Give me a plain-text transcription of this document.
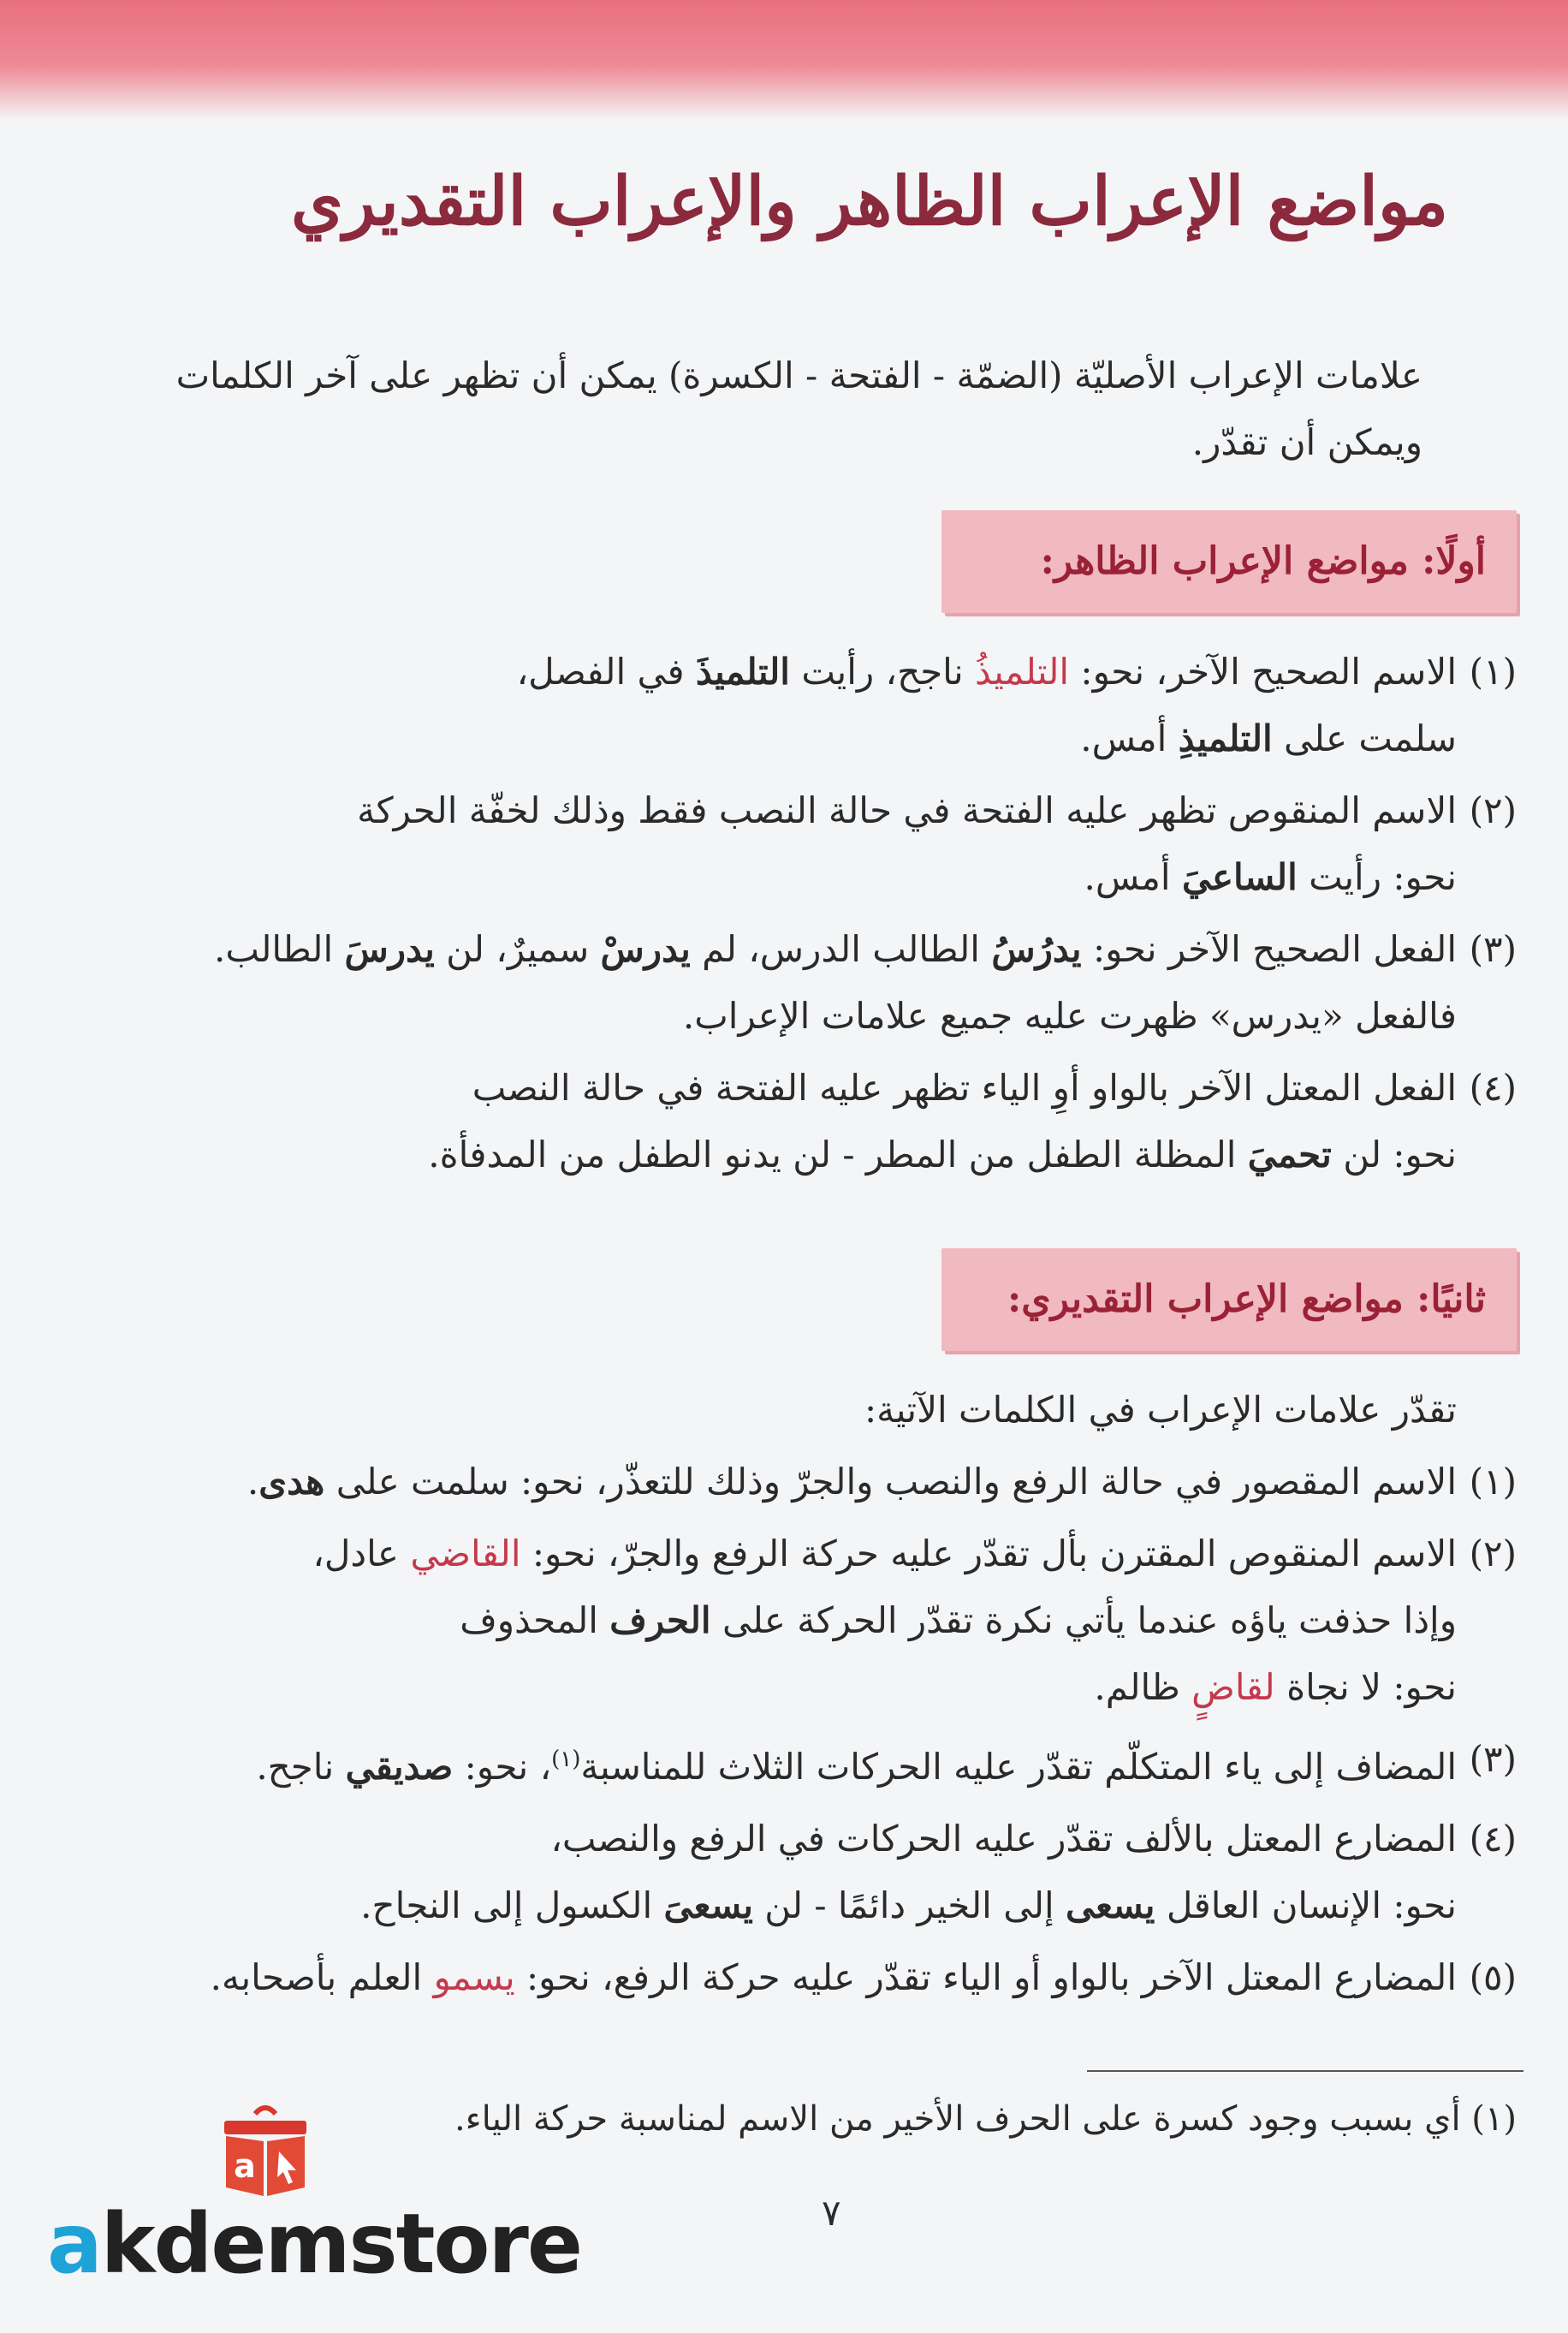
مواضع الإعراب الظاهر والإعراب التقديري

علامات الإعراب الأصليّة (الضمّة - الفتحة - الكسرة) يمكن أن تظهر على آخر الكلمات

ويمكن أن تقدّر.

أولًا: مواضع الإعراب الظاهر:
(١)
الاسم الصحيح الآخر، نحو: التلميذُ ناجح، رأيت التلميذَ في الفصل،
سلمت على التلميذِ أمس.
(٢)
الاسم المنقوص تظهر عليه الفتحة في حالة النصب فقط وذلك لخفّة الحركة
نحو: رأيت الساعيَ أمس.
(٣)
الفعل الصحيح الآخر نحو: يدرُسُ الطالب الدرس، لم يدرسْ سميرٌ، لن يدرسَ الطالب.
فالفعل «يدرس» ظهرت عليه جميع علامات الإعراب.
(٤)
الفعل المعتل الآخر بالواو أوِ الياء تظهر عليه الفتحة في حالة النصب
نحو: لن تحميَ المظلة الطفل من المطر - لن يدنو الطفل من المدفأة.
ثانيًا: مواضع الإعراب التقديري:

تقدّر علامات الإعراب في الكلمات الآتية:

(١)
الاسم المقصور في حالة الرفع والنصب والجرّ وذلك للتعذّر، نحو: سلمت على هدى.
(٢)
الاسم المنقوص المقترن بأل تقدّر عليه حركة الرفع والجرّ، نحو: القاضي عادل،
وإذا حذفت ياؤه عندما يأتي نكرة تقدّر الحركة على الحرف المحذوف
نحو: لا نجاة لقاضٍ ظالم.
(٣)
المضاف إلى ياء المتكلّم تقدّر عليه الحركات الثلاث للمناسبة$^{(١)}$، نحو: صديقي ناجح.
(٤)
المضارع المعتل بالألف تقدّر عليه الحركات في الرفع والنصب،
نحو: الإنسان العاقل يسعى إلى الخير دائمًا - لن يسعىَ الكسول إلى النجاح.
(٥)
المضارع المعتل الآخر بالواو أو الياء تقدّر عليه حركة الرفع، نحو: يسمو العلم بأصحابه.
(١) أي بسبب وجود كسرة على الحرف الأخير من الاسم لمناسبة حركة الياء.
٧
a
akdemstore
